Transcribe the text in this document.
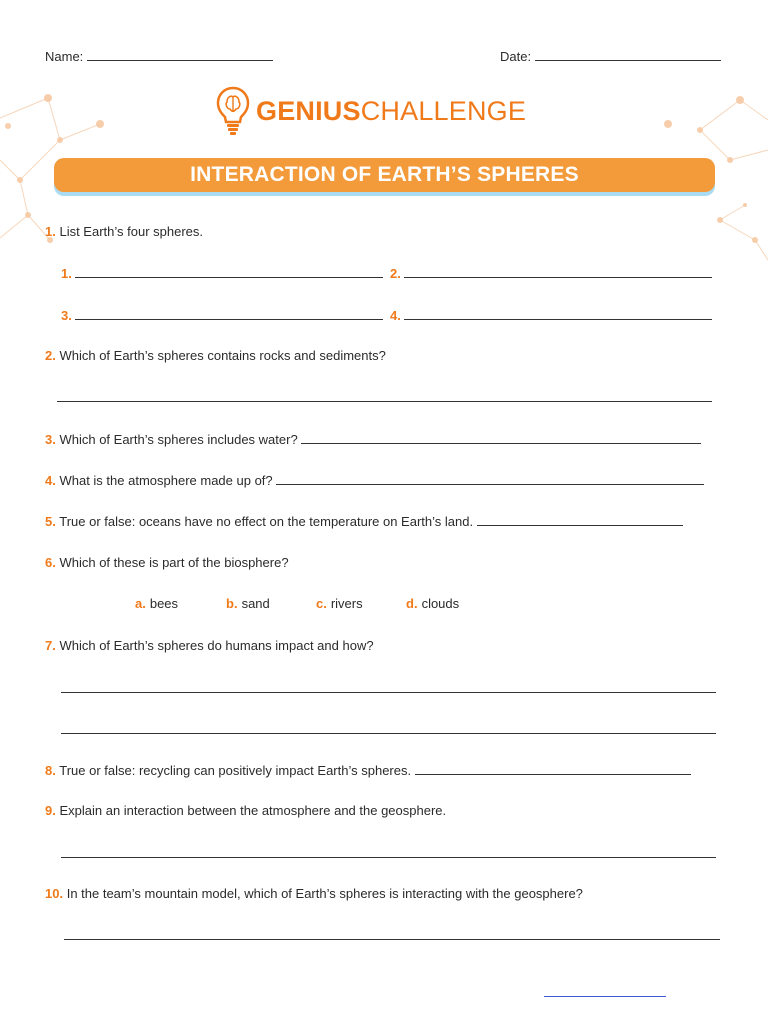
Name:	Date:
GENIUSCHALLENGE
INTERACTION OF EARTH’S SPHERES
1. List Earth’s four spheres.
1.	2.
3.	4.
2. Which of Earth’s spheres contains rocks and sediments?
3. Which of Earth’s spheres includes water?
4. What is the atmosphere made up of?
5. True or false: oceans have no effect on the temperature on Earth’s land.
6. Which of these is part of the biosphere?
a. bees	b. sand	c. rivers	d. clouds
7. Which of Earth’s spheres do humans impact and how?
8. True or false: recycling can positively impact Earth’s spheres.
9. Explain an interaction between the atmosphere and the geosphere.
10. In the team’s mountain model, which of Earth’s spheres is interacting with the geosphere?
